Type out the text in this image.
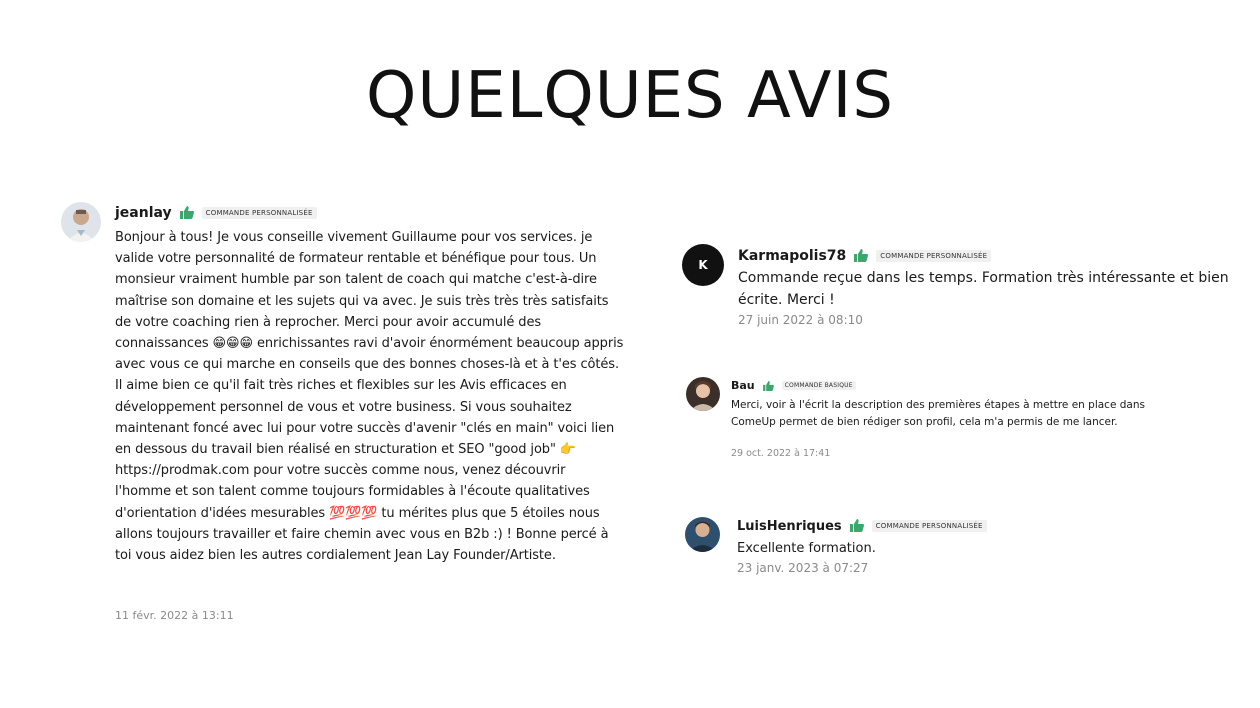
QUELQUES AVIS
jeanlay	COMMANDE PERSONNALISÉE

Bonjour à tous! Je vous conseille vivement Guillaume pour vos services. je valide votre personnalité de formateur rentable et bénéfique pour tous. Un monsieur vraiment humble par son talent de coach qui matche c'est-à-dire maîtrise son domaine et les sujets qui va avec. Je suis très très très satisfaits de votre coaching rien à reprocher. Merci pour avoir accumulé des connaissances 😁😁😁 enrichissantes ravi d'avoir énormément beaucoup appris avec vous ce qui marche en conseils que des bonnes choses-là et à t'es côtés. Il aime bien ce qu'il fait très riches et flexibles sur les Avis efficaces en développement personnel de vous et votre business. Si vous souhaitez maintenant foncé avec lui pour votre succès d'avenir "clés en main" voici lien en dessous du travail bien réalisé en structuration et SEO "good job" 👉 https://prodmak.com pour votre succès comme nous, venez découvrir l'homme et son talent comme toujours formidables à l'écoute qualitatives d'orientation d'idées mesurables 💯💯💯 tu mérites plus que 5 étoiles nous allons toujours travailler et faire chemin avec vous en B2b :) ! Bonne percé à toi vous aidez bien les autres cordialement Jean Lay Founder/Artiste.

11 févr. 2022 à 13:11
K
Karmapolis78	COMMANDE PERSONNALISÉE

Commande reçue dans les temps. Formation très intéressante et bien écrite. Merci !

27 juin 2022 à 08:10
Bau	COMMANDE BASIQUE

Merci, voir à l'écrit la description des premières étapes à mettre en place dans ComeUp permet de bien rédiger son profil, cela m'a permis de me lancer.

29 oct. 2022 à 17:41
LuisHenriques	COMMANDE PERSONNALISÉE

Excellente formation.

23 janv. 2023 à 07:27
